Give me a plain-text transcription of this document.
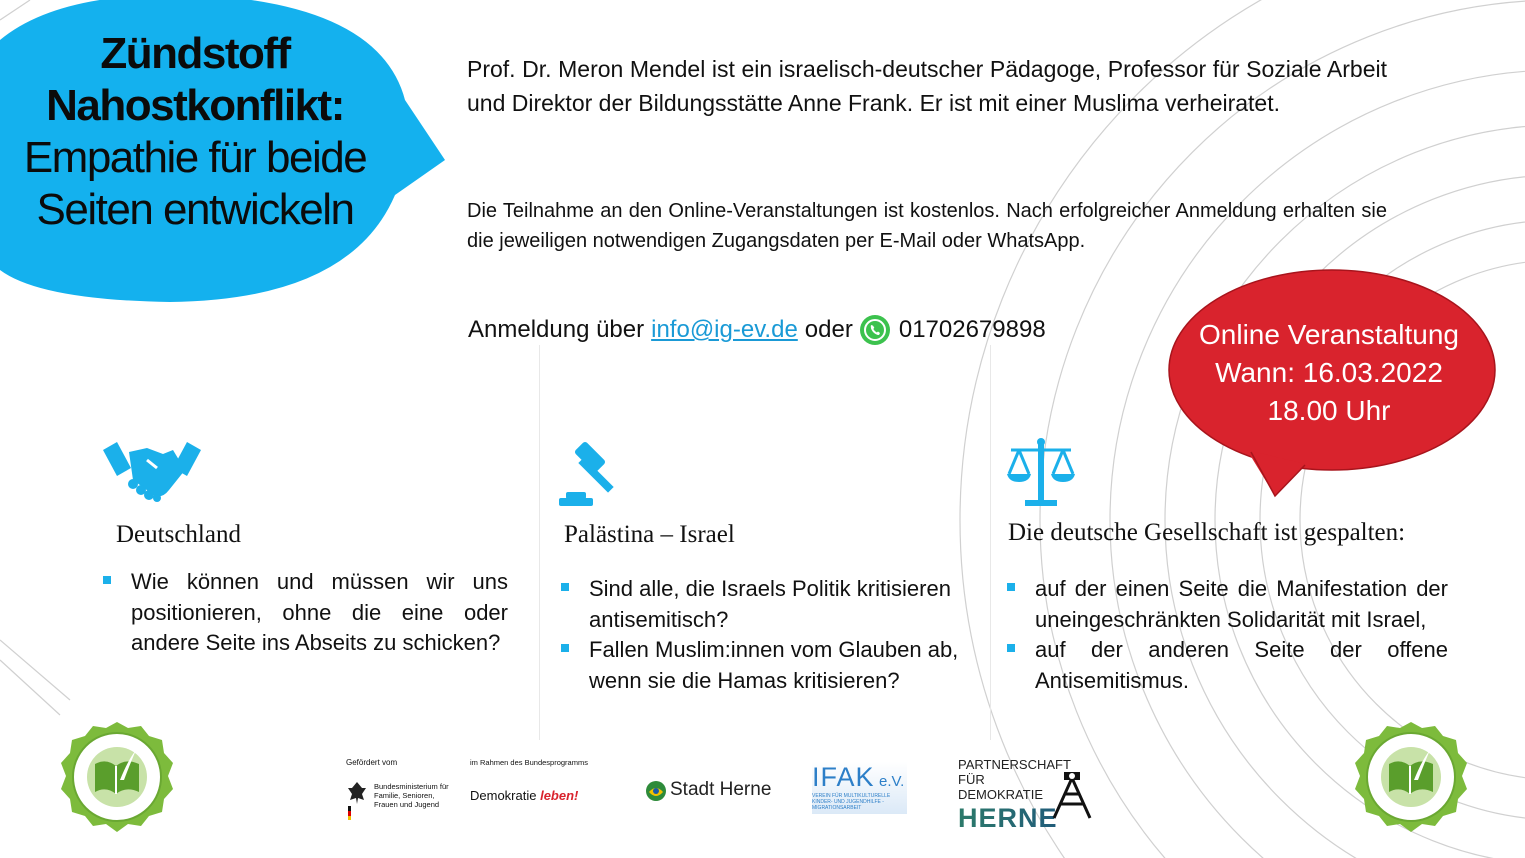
Zündstoff
Nahostkonflikt:
Empathie für beide
Seiten entwickeln
Prof. Dr. Meron Mendel ist ein israelisch-deutscher Pädagoge, Professor für Soziale Arbeit und Direktor der Bildungsstätte Anne Frank. Er ist mit einer Muslima verheiratet.
Die Teilnahme an den Online-Veranstaltungen ist kostenlos. Nach erfolgreicher Anmeldung erhalten sie die jeweiligen notwendigen Zugangsdaten per E-Mail oder WhatsApp.
Anmeldung über info@ig-ev.de oder 01702679898	Online Veranstaltung
Wann: 16.03.2022
18.00 Uhr
Deutschland
Wie können und müssen wir uns positionieren, ohne die eine oder andere Seite ins Abseits zu schicken?
Palästina – Israel
Sind alle, die Israels Politik kritisieren antisemitisch?
Fallen Muslim:innen vom Glauben ab, wenn sie die Hamas kritisieren?
Die deutsche Gesellschaft ist gespalten:
auf der einen Seite die Manifestation der uneingeschränkten Solidarität mit Israel,
auf der anderen Seite der offene Antisemitismus.
Gefördert vom
Bundesministerium für Familie, Senioren, Frauen und Jugend
im Rahmen des Bundesprogramms
Demokratie leben!	Stadt Herne IFAK e.V.
VEREIN FÜR MULTIKULTURELLE KINDER- UND JUGENDHILFE - MIGRATIONSARBEIT
PARTNERSCHAFT FÜR
DEMOKRATIE
HERNE
